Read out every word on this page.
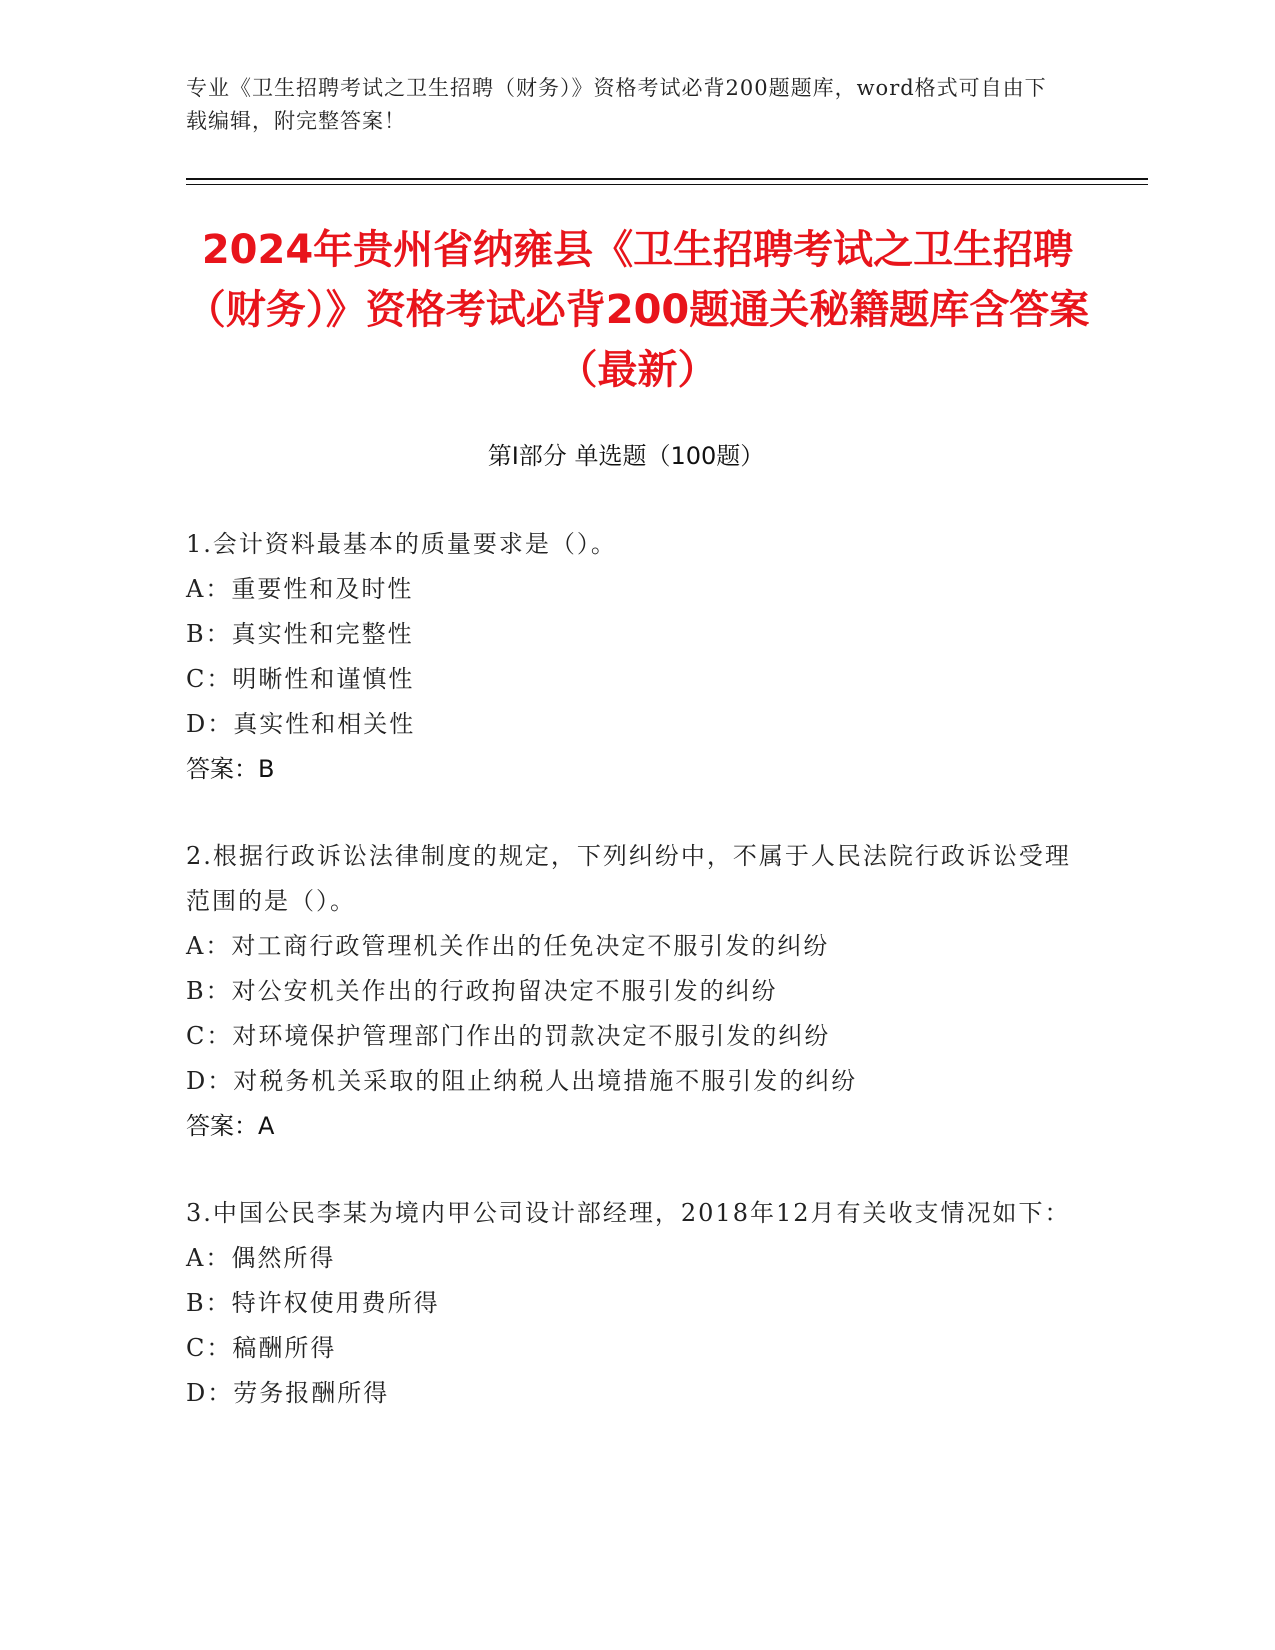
专业《卫生招聘考试之卫生招聘（财务）》资格考试必背200题题库，word格式可自由下载编辑，附完整答案！
2024年贵州省纳雍县《卫生招聘考试之卫生招聘（财务）》资格考试必背200题通关秘籍题库含答案（最新）
第I部分 单选题（100题）
1.会计资料最基本的质量要求是（）。
A：重要性和及时性
B：真实性和完整性
C：明晰性和谨慎性
D：真实性和相关性
答案：B
2.根据行政诉讼法律制度的规定，下列纠纷中，不属于人民法院行政诉讼受理范围的是（）。
A：对工商行政管理机关作出的任免决定不服引发的纠纷
B：对公安机关作出的行政拘留决定不服引发的纠纷
C：对环境保护管理部门作出的罚款决定不服引发的纠纷
D：对税务机关采取的阻止纳税人出境措施不服引发的纠纷
答案：A
3.中国公民李某为境内甲公司设计部经理，2018年12月有关收支情况如下：
A：偶然所得
B：特许权使用费所得
C：稿酬所得
D：劳务报酬所得
